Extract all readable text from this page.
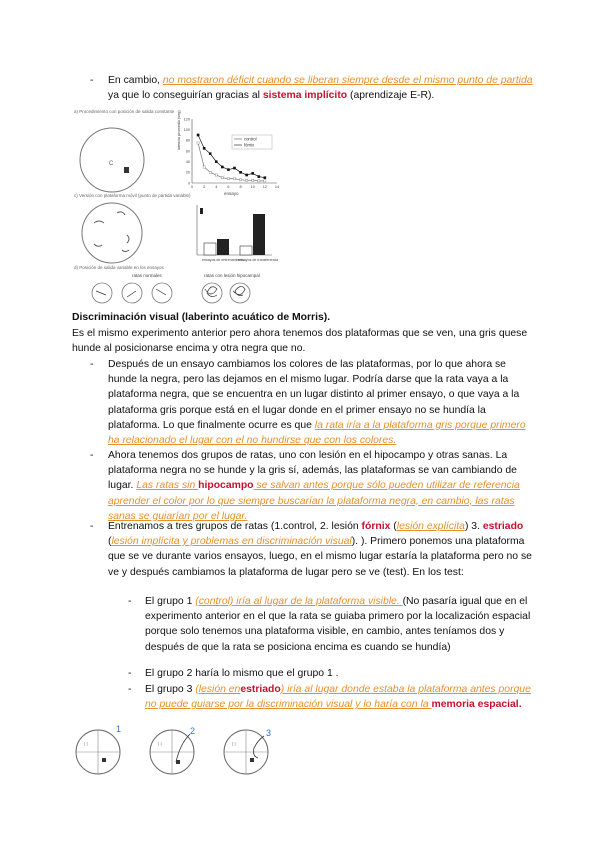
-	En cambio, no mostraron déficit cuando se liberan siempre desde el mismo punto de partida ya que lo conseguirían gracias al sistema implícito (aprendizaje E-R).
a) Procedimiento con posición de salida constante
C
c) Versión con plataforma móvil (punto de partida variable)
d) Posición de salida variable en los ensayos
ratas normales	ratas con lesión hipocampal
latencia promedio (seg)
ensayo
0
20
40
60
80
100
120
0	2	4	6	8 10 12 14
control
fórnix
ensayos de entrenamiento
ensayos de transferencia
Discriminación visual (laberinto acuático de Morris).
Es el mismo experimento anterior pero ahora tenemos dos plataformas que se ven, una gris quese hunde al posicionarse encima y otra negra que no.
-	Después de un ensayo cambiamos los colores de las plataformas, por lo que ahora se hunde la negra, pero las dejamos en el mismo lugar. Podría darse que la rata vaya a la plataforma negra, que se encuentra en un lugar distinto al primer ensayo, o que vaya a la plataforma gris porque está en el lugar donde en el primer ensayo no se hundía la plataforma. Lo que finalmente ocurre es que la rata iría a la plataforma gris porque primero ha relacionado el lugar con el no hundirse que con los colores.
-	Ahora tenemos dos grupos de ratas, uno con lesión en el hipocampo y otras sanas. La plataforma negra no se hunde y la gris sí, además, las plataformas se van cambiando de lugar. Las ratas sin hipocampo se salvan antes porque sólo pueden utilizar de referencia aprender el color por lo que siempre buscarían la plataforma negra, en cambio, las ratas sanas se guiarían por el lugar.
-	Entrenamos a tres grupos de ratas (1.control, 2. lesión fórnix (lesión explícita) 3. estriado (lesión implícita y problemas en discriminación visual). ). Primero ponemos una plataforma que se ve durante varios ensayos, luego, en el mismo lugar estaría la plataforma pero no se ve y después cambiamos la plataforma de lugar pero se ve (test). En los test:
-	El grupo 1 (control) iría al lugar de la plataforma visible. (No pasaría igual que en el experimento anterior en el que la rata se guiaba primero por la localización espacial porque solo tenemos una plataforma visible, en cambio, antes teníamos dos y después de que la rata se posiciona encima es cuando se hundía)
-	El grupo 2 haría lo mismo que el grupo 1 .
-	El grupo 3 (lesión enestriado) iría al lugar donde estaba la plataforma antes porque no puede guiarse por la discriminación visual y lo haría con la memoria espacial.
∷
1
∷
2
∷
3
